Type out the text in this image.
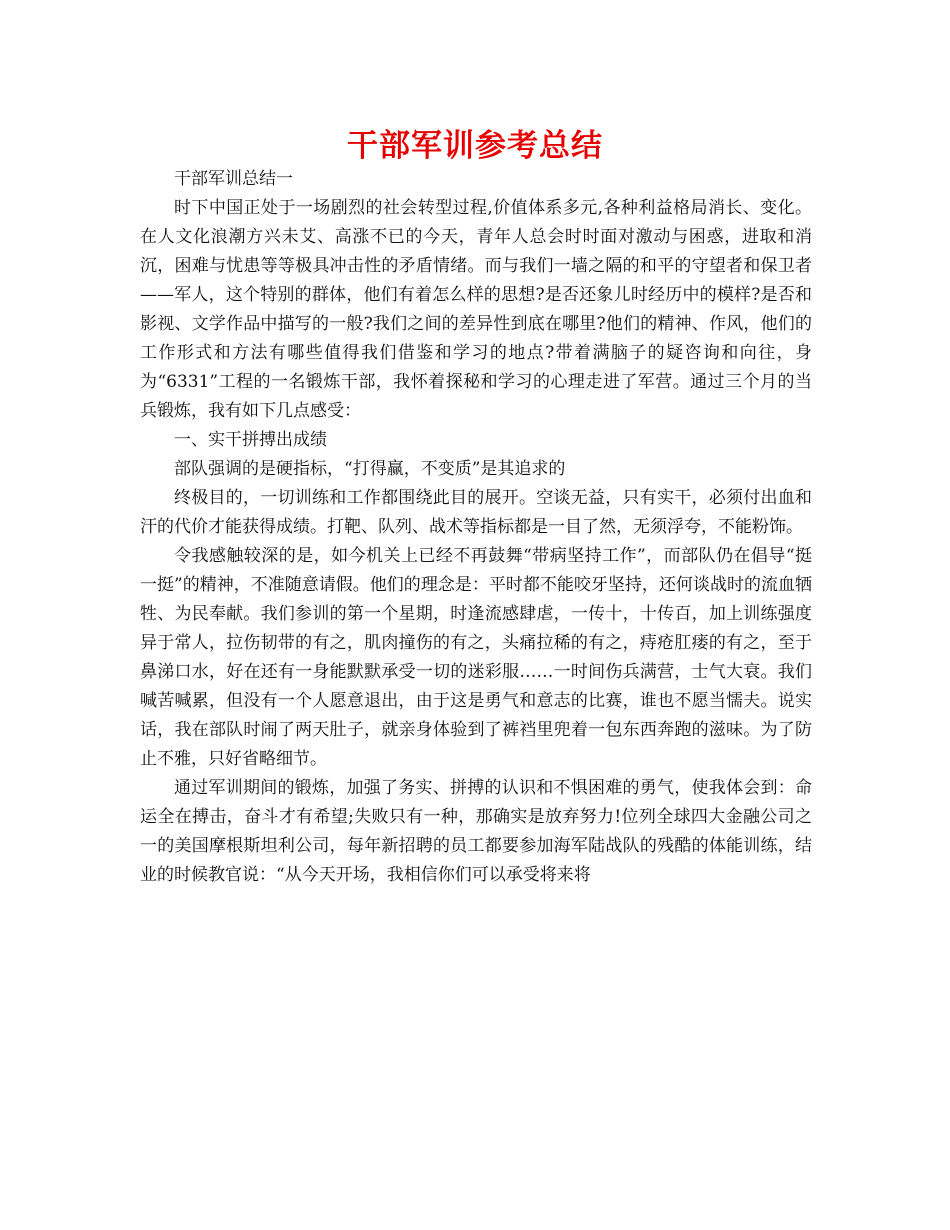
干部军训参考总结

干部军训总结一

时下中国正处于一场剧烈的社会转型过程,价值体系多元,各种利益格局消长、变化。在人文化浪潮方兴未艾、高涨不已的今天，青年人总会时时面对激动与困惑，进取和消沉，困难与忧患等等极具冲击性的矛盾情绪。而与我们一墙之隔的和平的守望者和保卫者——军人，这个特别的群体，他们有着怎么样的思想?是否还象儿时经历中的模样?是否和影视、文学作品中描写的一般?我们之间的差异性到底在哪里?他们的精神、作风，他们的工作形式和方法有哪些值得我们借鉴和学习的地点?带着满脑子的疑咨询和向往，身为“6331”工程的一名锻炼干部，我怀着探秘和学习的心理走进了军营。通过三个月的当兵锻炼，我有如下几点感受：

一、实干拼搏出成绩

部队强调的是硬指标，“打得赢，不变质”是其追求的

终极目的，一切训练和工作都围绕此目的展开。空谈无益，只有实干，必须付出血和汗的代价才能获得成绩。打靶、队列、战术等指标都是一目了然，无须浮夸，不能粉饰。

令我感触较深的是，如今机关上已经不再鼓舞“带病坚持工作”，而部队仍在倡导“挺一挺”的精神，不准随意请假。他们的理念是：平时都不能咬牙坚持，还何谈战时的流血牺牲、为民奉献。我们参训的第一个星期，时逢流感肆虐，一传十，十传百，加上训练强度异于常人，拉伤韧带的有之，肌肉撞伤的有之，头痛拉稀的有之，痔疮肛瘘的有之，至于鼻涕口水，好在还有一身能默默承受一切的迷彩服……一时间伤兵满营，士气大衰。我们喊苦喊累，但没有一个人愿意退出，由于这是勇气和意志的比赛，谁也不愿当懦夫。说实话，我在部队时闹了两天肚子，就亲身体验到了裤裆里兜着一包东西奔跑的滋味。为了防止不雅，只好省略细节。

通过军训期间的锻炼，加强了务实、拼搏的认识和不惧困难的勇气，使我体会到：命运全在搏击，奋斗才有希望;失败只有一种，那确实是放弃努力!位列全球四大金融公司之一的美国摩根斯坦利公司，每年新招聘的员工都要参加海军陆战队的残酷的体能训练，结业的时候教官说：“从今天开场，我相信你们可以承受将来将
